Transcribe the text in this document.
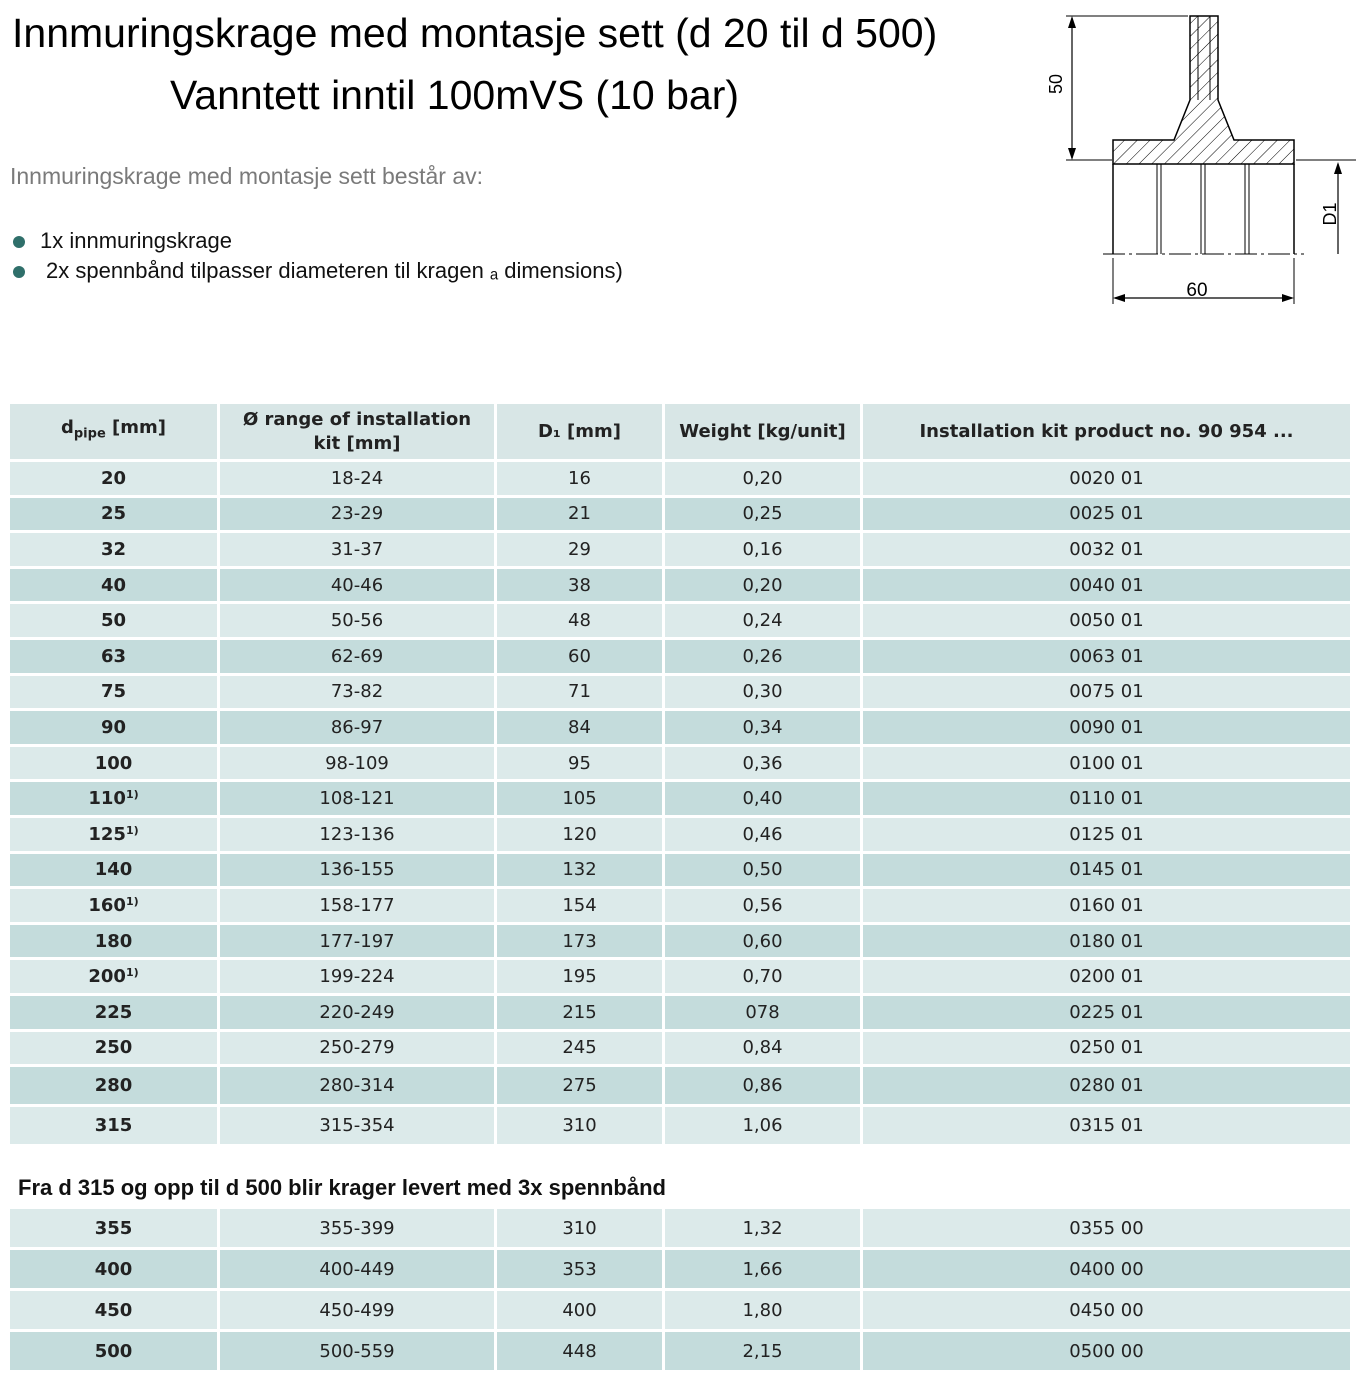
Innmuringskrage med montasje sett (d 20 til d 500)
Vanntett inntil 100mVS (10 bar)
Innmuringskrage med montasje sett består av:
1x innmuringskrage
2x spennbånd tilpasser diameteren til kragen ₐ dimensions)
50
D1
60
$d_{pipe}$ [mm]	Ø range of installation kit [mm]	D₁ [mm]	Weight [kg/unit]	Installation kit product no. 90 954 ...
20	18-24	16	0,20	0020 01
25	23-29	21	0,25	0025 01
32	31-37	29	0,16	0032 01
40	40-46	38	0,20	0040 01
50	50-56	48	0,24	0050 01
63	62-69	60	0,26	0063 01
75	73-82	71	0,30	0075 01
90	86-97	84	0,34	0090 01
100	98-109	95	0,36	0100 01
110$^{1)}$	108-121	105	0,40	0110 01
125$^{1)}$	123-136	120	0,46	0125 01
140	136-155	132	0,50	0145 01
160$^{1)}$	158-177	154	0,56	0160 01
180	177-197	173	0,60	0180 01
200$^{1)}$	199-224	195	0,70	0200 01
225	220-249	215	078	0225 01
250	250-279	245	0,84	0250 01
280	280-314	275	0,86	0280 01
315	315-354	310	1,06	0315 01
Fra d 315 og opp til d 500 blir krager levert med 3x spennbånd
355	355-399	310	1,32	0355 00
400	400-449	353	1,66	0400 00
450	450-499	400	1,80	0450 00
500	500-559	448	2,15	0500 00
